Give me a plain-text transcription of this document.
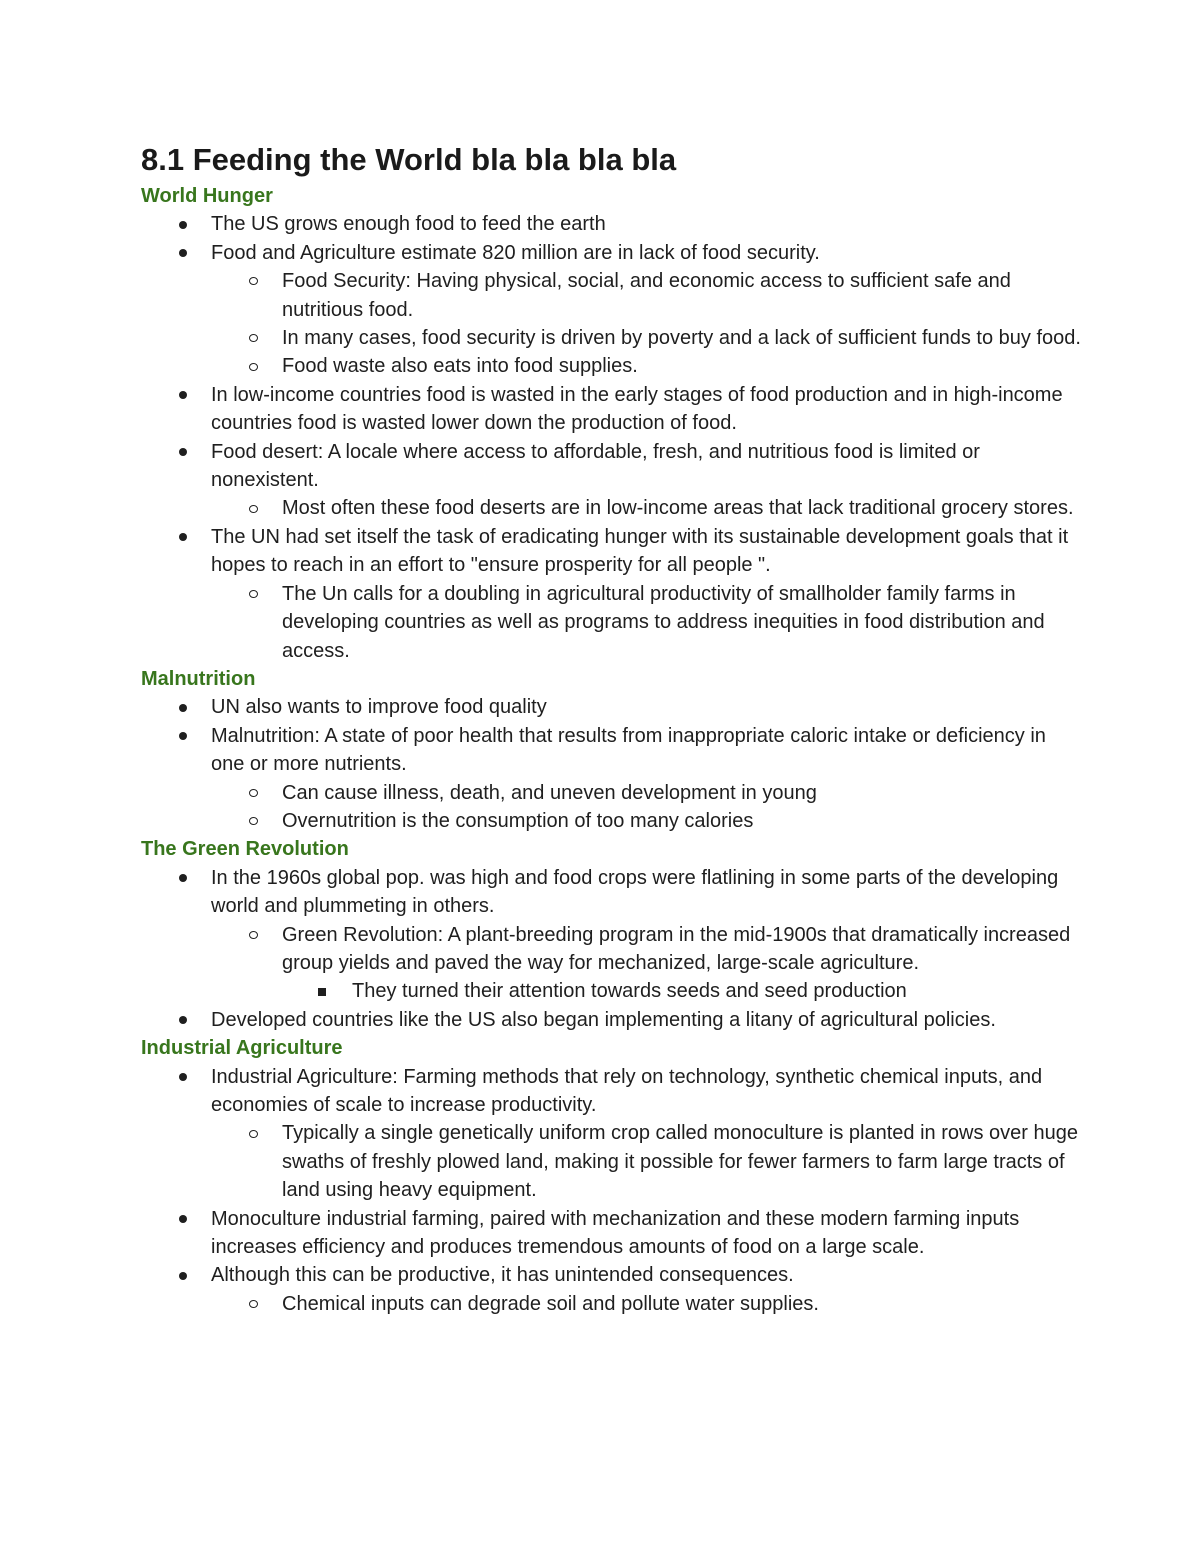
8.1 Feeding the World bla bla bla bla
World Hunger
The US grows enough food to feed the earth
Food and Agriculture estimate 820 million are in lack of food security.
Food Security: Having physical, social, and economic access to sufficient safe and nutritious food.
In many cases, food security is driven by poverty and a lack of sufficient funds to buy food.
Food waste also eats into food supplies.
In low-income countries food is wasted in the early stages of food production and in high-income countries food is wasted lower down the production of food.
Food desert: A locale where access to affordable, fresh, and nutritious food is limited or nonexistent.
Most often these food deserts are in low-income areas that lack traditional grocery stores.
The UN had set itself the task of eradicating hunger with its sustainable development goals that it hopes to reach in an effort to "ensure prosperity for all people ".
The Un calls for a doubling in agricultural productivity of smallholder family farms in developing countries as well as programs to address inequities in food distribution and access.
Malnutrition
UN also wants to improve food quality
Malnutrition: A state of poor health that results from inappropriate caloric intake or deficiency in one or more nutrients.
Can cause illness, death, and uneven development in young
Overnutrition is the consumption of too many calories
The Green Revolution
In the 1960s global pop. was high and food crops were flatlining in some parts of the developing world and plummeting in others.
Green Revolution: A plant-breeding program in the mid-1900s that dramatically increased group yields and paved the way for mechanized, large-scale agriculture.
They turned their attention towards seeds and seed production
Developed countries like the US also began implementing a litany of agricultural policies.
Industrial Agriculture
Industrial Agriculture: Farming methods that rely on technology, synthetic chemical inputs, and economies of scale to increase productivity.
Typically a single genetically uniform crop called monoculture is planted in rows over huge swaths of freshly plowed land, making it possible for fewer farmers to farm large tracts of land using heavy equipment.
Monoculture industrial farming, paired with mechanization and these modern farming inputs increases efficiency and produces tremendous amounts of food on a large scale.
Although this can be productive, it has unintended consequences.
Chemical inputs can degrade soil and pollute water supplies.
